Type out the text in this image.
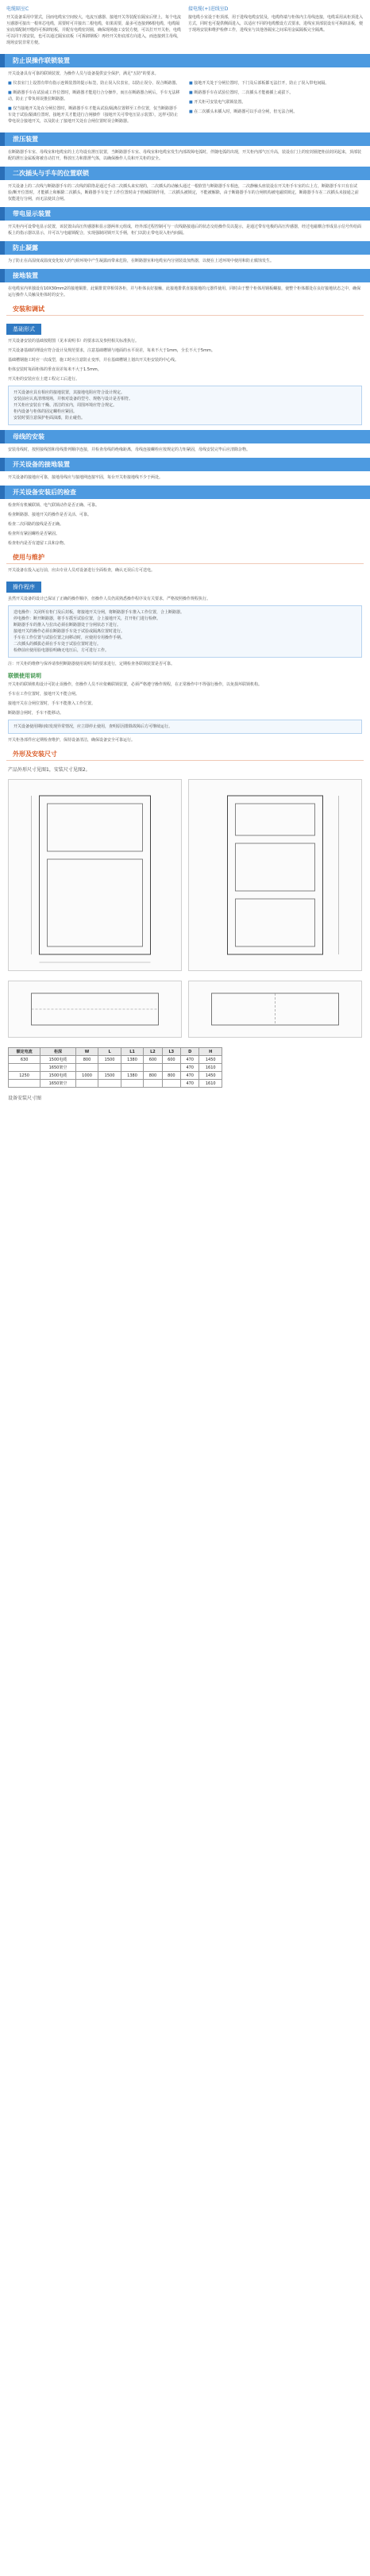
电缆隔室C
开关设备采用中置式，因而电缆室空间较大，电流互感器、接地开关等装配在隔室后壁上，每个电流互感器可接出一根单芯电缆，需要时可并接出二根电缆，如果需要，最多可连接到6根电缆，电缆隔室底部配制开缝的可拆卸铝板，并配有电缆密封圈，确保现场施工安装方便，可以打开开关柜，电缆可以同下部安装，也可以通过隔室底板（可拆卸钢板）再经开关柜底部方向进入，而连接到主母线，现场安装非常方便。
接电缆(+)进线室D
接电缆小室设于柜顶部，用于进线电缆安装及，电缆终端与柜体内主母线连接，电缆采用从柜顶进入方式，同时也可提供侧面进入，以适应不同的电缆敷设方式要求，进线室顶部装设有可拆卸盖板，便于现场安装和维护检修工作，进线室与其他各隔室之间采用金属隔板完全隔离。
防止误操作联锁装置
开关设备具有可靠的联锁装置，为操作人员与设备提供安全保护，满足"五防"的要求。
■ 仪表室门上设置有带有指示连锁装置的提示标签，防止误入仪表室，以防止误分、误合断路器。
■ 断路器手车在试验或工作位置时，断路器才能进行合分操作，而且在断路器合闸后，手车无法移动，防止了带负荷误推拉断路器。
■ 仅当接地开关处在分闸位置时，断路器手车才能从试验/隔离位置移至工作位置，仅当断路器手车处于试验/隔离位置时，接地开关才能进行合闸操作（接地开关可带电压显示装置），这样可防止带电误合接地开关，以及防止了接地开关处在合闸位置时误合断路器。
■ 接地开关处于分闸位置时，下门及后部板都无法打开，防止了误入带电间隔。
■ 断路器手车在试验位置时，二次插头才能被插上或拔下。
■ 开关柜可安装电气联锁装置。
■ 在二次插头未插入时，断路器可以手动分闸，但无法合闸。
泄压装置
在断路器手车室、母线室和电缆室的上方均设有泄压装置，当断路器手车室、母线室和电缆室发生内部故障电弧时，伴随电弧的出现，开关柜内部气压升高，装设在门上的密封圈把柜前封闭起来，顶部装配的泄压金属板将被自动打开，释放压力和排泄气体，以确保操作人员和开关柜的安全。
二次插头与手车的位置联锁
开关设备上的二次线与断路器手车的二次线的联络是通过手动二次插头来实现的，二次插头的动触头通过一根软管与断路器手车相连，二次静触头座装设在开关柜手车室的右上方，断路器手车只有在试验/断开位置时，才能插上和解除二次插头，断路器手车处于工作位置时由于机械联锁作用，二次插头被锁定，不能被解除，由于断路器手车的合闸机构被电磁铁锁定，断路器手车在二次插头未接通之前仅能进行分闸，而无法使其合闸。
带电显示装置
开关柜内可设带电显示装置，该装置由高压传感器和显示器两单元组成，经外部过程控制可与一次线路接通后的状态交给操作员以提示，是通过带有电极的高压传感器，经过电磁耦合形成显示信号传给面板上的指示器以显示，并可以与电磁锁配合，实现强制闭锁开关手柄，柜门以防止带电误入柜内间隔。
防止凝露
为了防止在高湿度或温度变化较大的气候环境中产生凝露而带来危险，在断路器室和电缆室内分别装设加热器，以便在上述环境中使用和防止腐蚀发生。
接地装置
在电缆室内单独设有10X30mm2的接地铜排，此铜排贯穿相邻各柜，并与柜体良好接触，此接地排供直接接地的元器件使用，同时由于整个柜体用钢板螺接，使整个柜体都处在良好接地状态之中，确保运行操作人员触及柜体时的安全。
安装和调试
基础形式
开关设备安装的基础按附图（见本说明书）的要求以及参照相关标准执行。
开关设备基础的埋设应符合设计及规范要求，注意基础槽钢与地面的水平误差，每米不大于1mm，全长不大于5mm。
基础槽钢施工时应一次成型，施工时应注意防止变形，并在基础槽钢上划出开关柜安装的中心线。
柜体安装时每面柜体的垂直误差每米不大于1.5mm。
开关柜的安装应在土建工程完工后进行。
开关设备应具有相应的接地装置，其接地电阻应符合设计规定。
安装前应认真清理现场，并核对设备的型号、规格与设计是否相符。
开关柜应安装在干燥、清洁的室内，周围环境应符合规定。
柜内设备与柜体的固定螺栓应紧固。
安装时要注意保护柜面油漆，防止碰伤。
母线的安装
安装母线时，按照接线图和母线排列顺序连接，并检查母线的绝缘距离，母线连接螺栓应按规定的力矩紧固，母线安装完毕后应清除杂物。
开关设备的接地装置
开关设备的接地应可靠，接地母线应与接地网连接牢固，每台开关柜接地线不少于两处。
开关设备安装后的检查
检查所有机械联锁、电气联锁动作是否正确、可靠。
检查断路器、接地开关的操作是否灵活、可靠。
检查二次回路的接线是否正确。
检查所有紧固螺栓是否紧固。
检查柜内是否有遗留工具和杂物。
使用与维护
开关设备在投入运行前，应由专业人员对设备进行全面检查，确认无误后方可送电。
操作程序
虽然开关设备的设计已保证了正确的操作顺序，但操作人员仍需熟悉操作程序及有关要求，严格按照操作规程执行。
送电操作：关闭所有柜门及后封板，将接地开关分闸，将断路器手车推入工作位置，合上断路器。
停电操作：断开断路器，将手车摇至试验位置，合上接地开关，打开柜门进行检修。
断路器手车的推入与拉出必须在断路器处于分闸状态下进行。
接地开关的操作必须在断路器手车处于试验或隔离位置时进行。
手车在工作位置与试验位置之间移动时，应使用专用操作手柄。
二次插头的插拔必须在手车处于试验位置时进行。
检修前应使用验电器验明确无电压后，方可进行工作。
注：开关柜的维修与保养请参照断路器使用说明书的要求进行，定期检查各联锁装置是否可靠。
联锁使用说明
开关柜的联锁机构设计可防止误操作，但操作人员不应依赖联锁装置，必须严格遵守操作规程，在正常操作中不得强行操作，以免损坏联锁机构。
手车在工作位置时，接地开关不能合闸。
接地开关在合闸位置时，手车不能推入工作位置。
断路器合闸时，手车不能移动。
开关设备使用期间如发现异常情况，应立即停止使用，查明原因排除故障后方可继续运行。
开关柜各部件应定期检查维护，保持设备清洁，确保设备安全可靠运行。
外形及安装尺寸
产品外形尺寸见图1，安装尺寸见图2。
额定电流	柜深	W	L	L1	L2	L3	D	H
630	1500电缆	800	1500	1380	600	600	470	1450
	1650架空						470	1610
1250	1500电缆	1000	1500	1380	800	800	470	1450
	1650架空						470	1610
设备安装尺寸图
